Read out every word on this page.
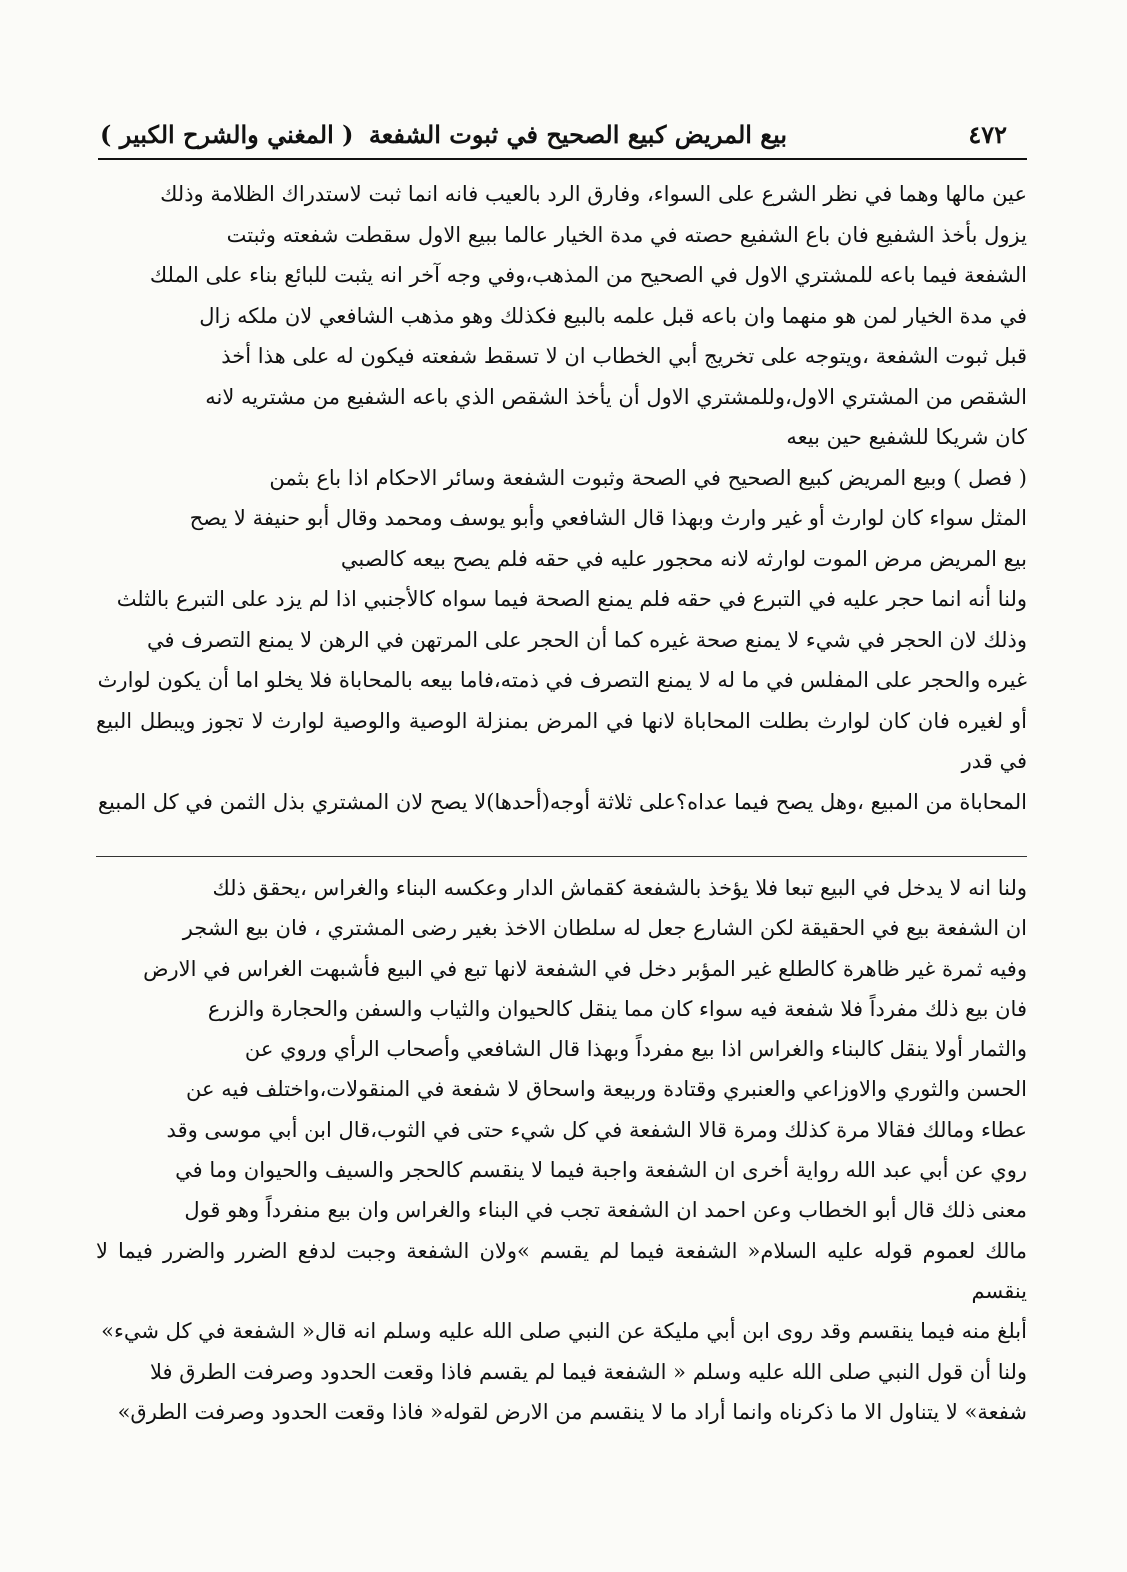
٤٧٢
بيع المريض كبيع الصحيح في ثبوت الشفعة
( المغني والشرح الكبير )

عين مالها وهما في نظر الشرع على السواء، وفارق الرد بالعيب فانه انما ثبت لاستدراك الظلامة وذلك
يزول بأخذ الشفيع فان باع الشفيع حصته في مدة الخيار عالما ببيع الاول سقطت شفعته وثبتت
الشفعة فيما باعه للمشتري الاول في الصحيح من المذهب،وفي وجه آخر انه يثبت للبائع بناء على الملك
في مدة الخيار لمن هو منهما وان باعه قبل علمه بالبيع فكذلك وهو مذهب الشافعي لان ملكه زال
قبل ثبوت الشفعة ،ويتوجه على تخريج أبي الخطاب ان لا تسقط شفعته فيكون له على هذا أخذ
الشقص من المشتري الاول،وللمشتري الاول أن يأخذ الشقص الذي باعه الشفيع من مشتريه لانه
كان شريكا للشفيع حين بيعه

( فصل ) وبيع المريض كبيع الصحيح في الصحة وثبوت الشفعة وسائر الاحكام اذا باع بثمن
المثل سواء كان لوارث أو غير وارث وبهذا قال الشافعي وأبو يوسف ومحمد وقال أبو حنيفة لا يصح
بيع المريض مرض الموت لوارثه لانه محجور عليه في حقه فلم يصح بيعه كالصبي

ولنا أنه انما حجر عليه في التبرع في حقه فلم يمنع الصحة فيما سواه كالأجنبي اذا لم يزد على التبرع بالثلث
وذلك لان الحجر في شيء لا يمنع صحة غيره كما أن الحجر على المرتهن في الرهن لا يمنع التصرف في
غيره والحجر على المفلس في ما له لا يمنع التصرف في ذمته،فاما بيعه بالمحاباة فلا يخلو اما أن يكون لوارث
أو لغيره فان كان لوارث بطلت المحاباة لانها في المرض بمنزلة الوصية والوصية لوارث لا تجوز ويبطل البيع في قدر
المحاباة من المبيع ،وهل يصح فيما عداه؟على ثلاثة أوجه(أحدها)لا يصح لان المشتري بذل الثمن في كل المبيع

ولنا انه لا يدخل في البيع تبعا فلا يؤخذ بالشفعة كقماش الدار وعكسه البناء والغراس ،يحقق ذلك
ان الشفعة بيع في الحقيقة لكن الشارع جعل له سلطان الاخذ بغير رضى المشتري ، فان بيع الشجر
وفيه ثمرة غير ظاهرة كالطلع غير المؤبر دخل في الشفعة لانها تبع في البيع فأشبهت الغراس في الارض
فان بيع ذلك مفرداً فلا شفعة فيه سواء كان مما ينقل كالحيوان والثياب والسفن والحجارة والزرع
والثمار أولا ينقل كالبناء والغراس اذا بيع مفرداً وبهذا قال الشافعي وأصحاب الرأي وروي عن
الحسن والثوري والاوزاعي والعنبري وقتادة وربيعة واسحاق لا شفعة في المنقولات،واختلف فيه عن
عطاء ومالك فقالا مرة كذلك ومرة قالا الشفعة في كل شيء حتى في الثوب،قال ابن أبي موسى وقد
روي عن أبي عبد الله رواية أخرى ان الشفعة واجبة فيما لا ينقسم كالحجر والسيف والحيوان وما في
معنى ذلك قال أبو الخطاب وعن احمد ان الشفعة تجب في البناء والغراس وان بيع منفرداً وهو قول
مالك لعموم قوله عليه السلام« الشفعة فيما لم يقسم »ولان الشفعة وجبت لدفع الضرر والضرر فيما لا ينقسم
أبلغ منه فيما ينقسم وقد روى ابن أبي مليكة عن النبي صلى الله عليه وسلم انه قال« الشفعة في كل شيء»

ولنا أن قول النبي صلى الله عليه وسلم « الشفعة فيما لم يقسم فاذا وقعت الحدود وصرفت الطرق فلا
شفعة» لا يتناول الا ما ذكرناه وانما أراد ما لا ينقسم من الارض لقوله« فاذا وقعت الحدود وصرفت الطرق»
